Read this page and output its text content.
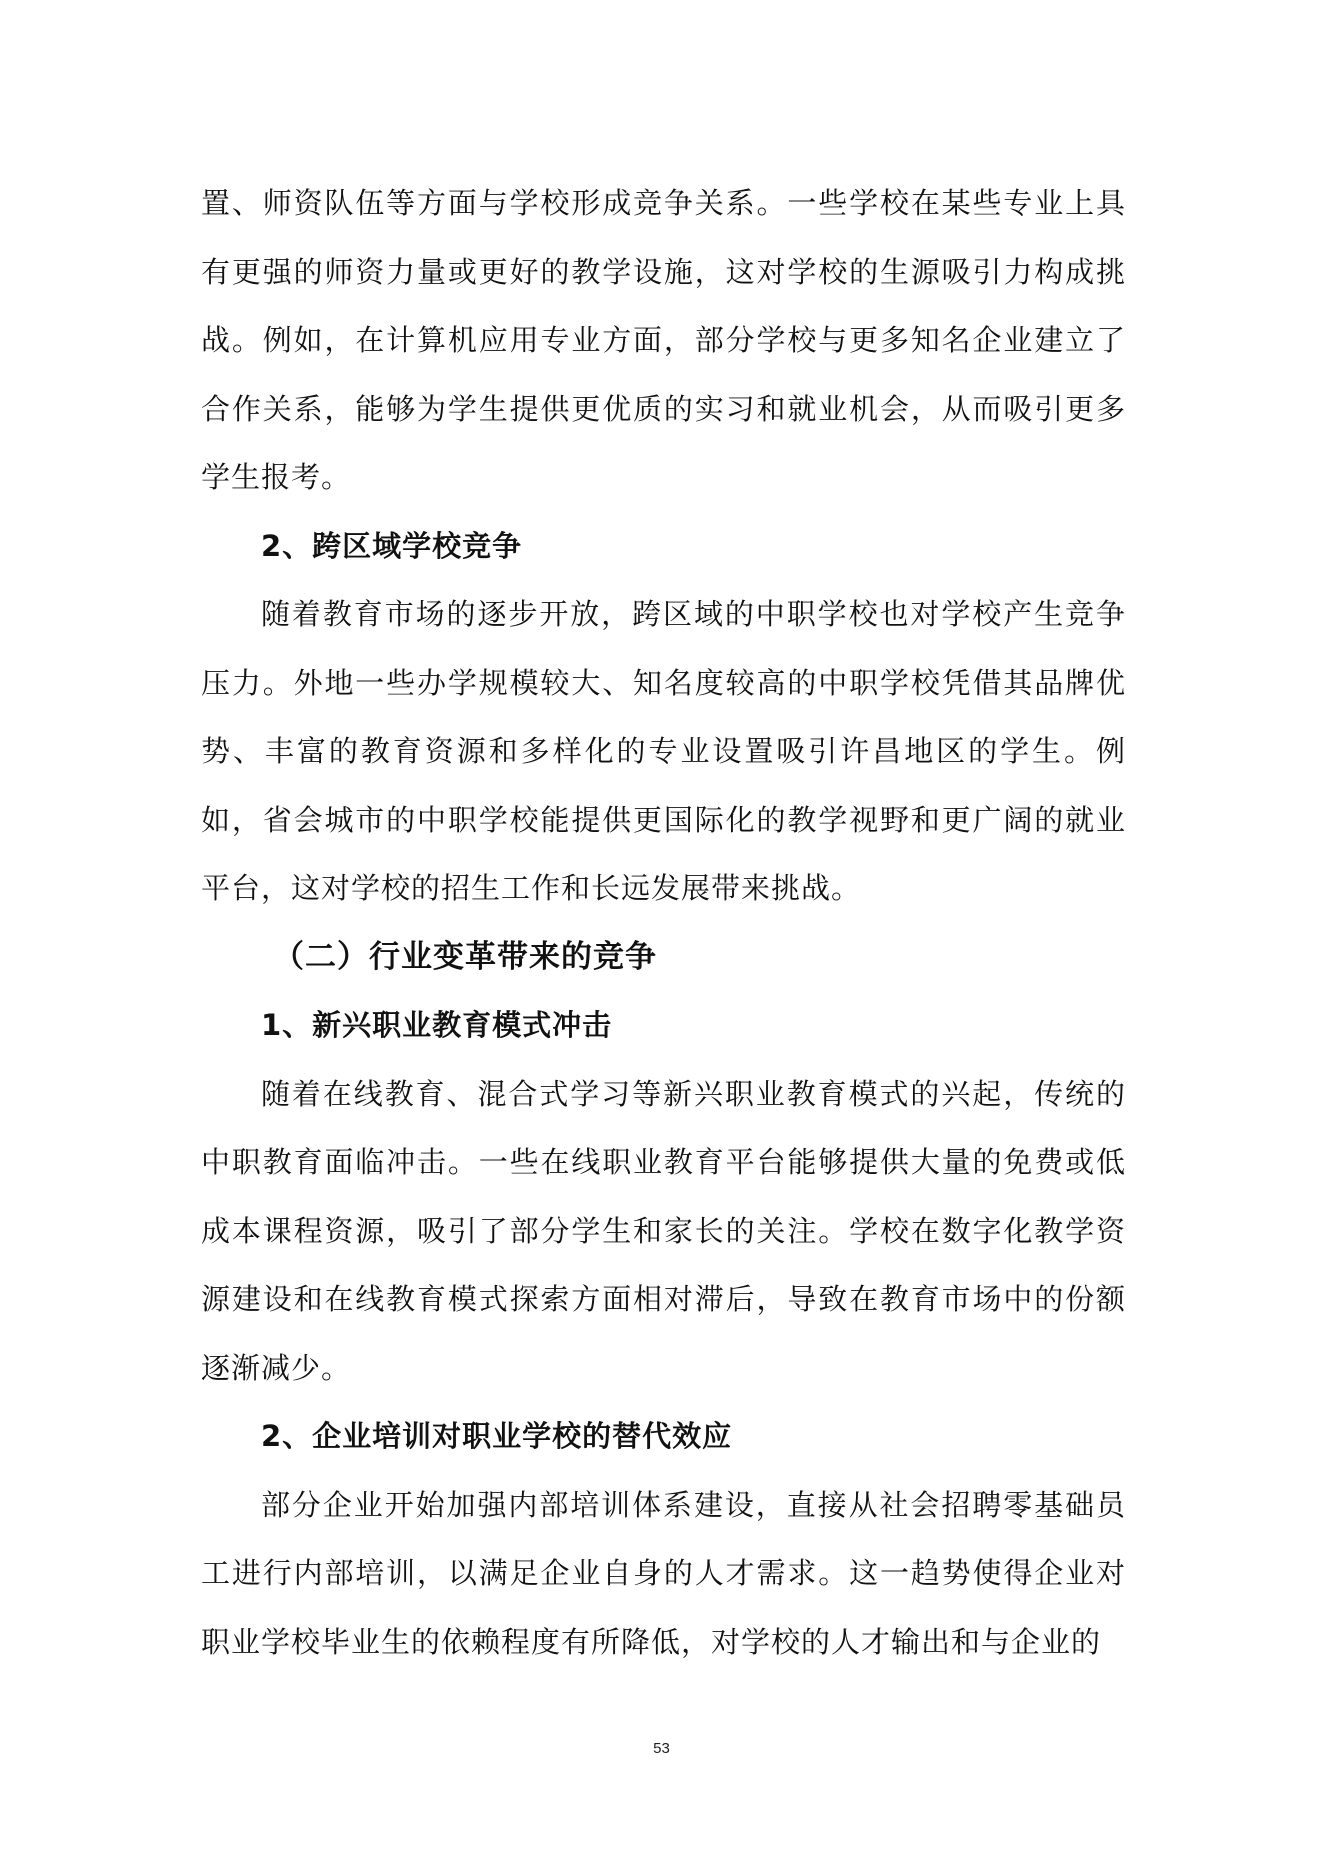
置、师资队伍等方面与学校形成竞争关系。一些学校在某些专业上具有更强的师资力量或更好的教学设施，这对学校的生源吸引力构成挑战。例如，在计算机应用专业方面，部分学校与更多知名企业建立了合作关系，能够为学生提供更优质的实习和就业机会，从而吸引更多学生报考。

2、跨区域学校竞争

随着教育市场的逐步开放，跨区域的中职学校也对学校产生竞争压力。外地一些办学规模较大、知名度较高的中职学校凭借其品牌优势、丰富的教育资源和多样化的专业设置吸引许昌地区的学生。例如，省会城市的中职学校能提供更国际化的教学视野和更广阔的就业平台，这对学校的招生工作和长远发展带来挑战。

（二）行业变革带来的竞争

1、新兴职业教育模式冲击

随着在线教育、混合式学习等新兴职业教育模式的兴起，传统的中职教育面临冲击。一些在线职业教育平台能够提供大量的免费或低成本课程资源，吸引了部分学生和家长的关注。学校在数字化教学资源建设和在线教育模式探索方面相对滞后，导致在教育市场中的份额逐渐减少。

2、企业培训对职业学校的替代效应

部分企业开始加强内部培训体系建设，直接从社会招聘零基础员工进行内部培训，以满足企业自身的人才需求。这一趋势使得企业对职业学校毕业生的依赖程度有所降低，对学校的人才输出和与企业的

53
